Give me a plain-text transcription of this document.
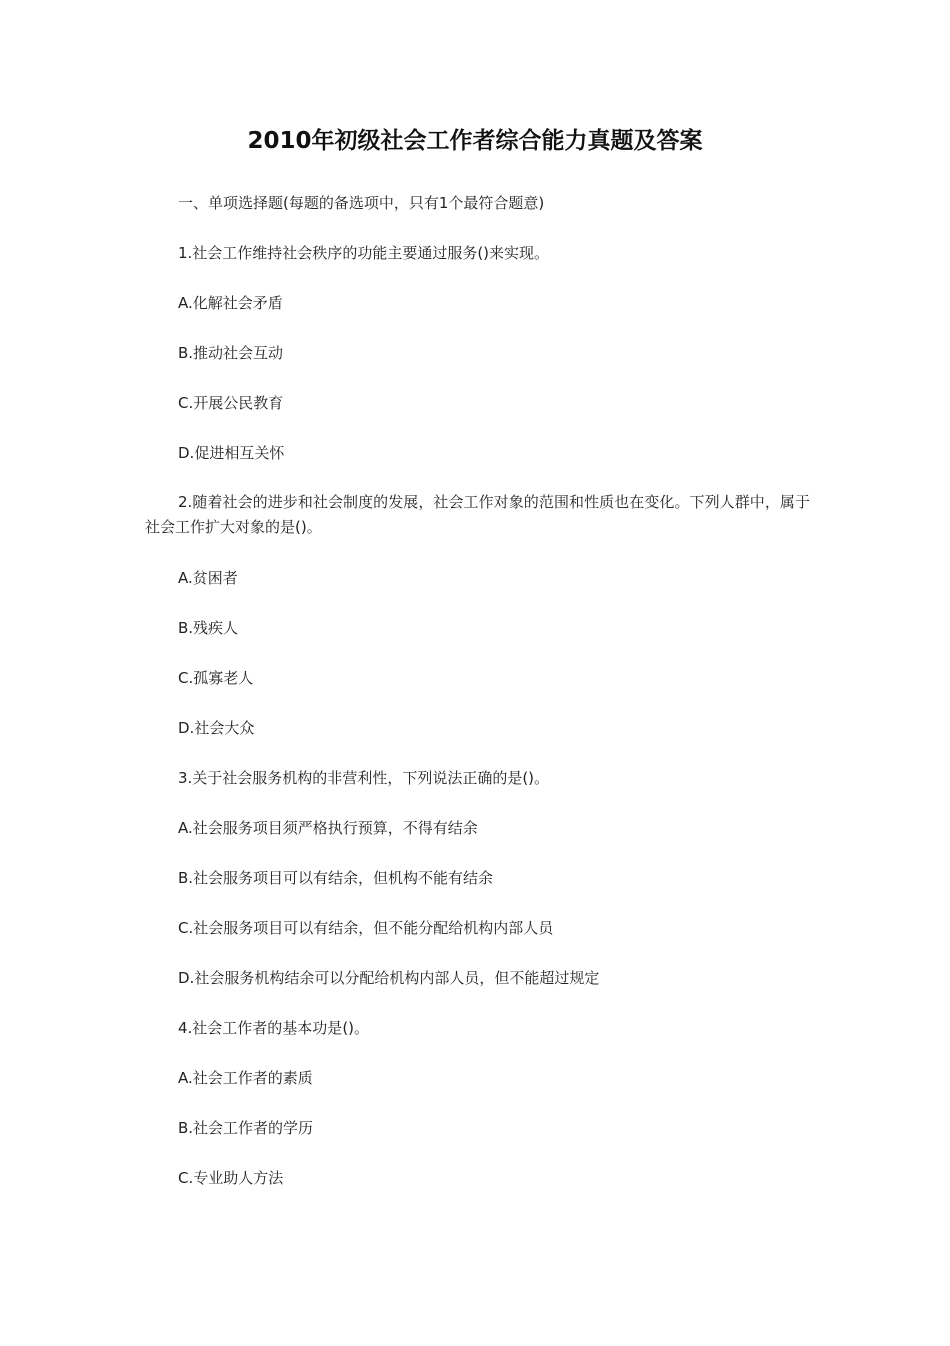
2010年初级社会工作者综合能力真题及答案
一、单项选择题(每题的备选项中，只有1个最符合题意)
1.社会工作维持社会秩序的功能主要通过服务()来实现。
A.化解社会矛盾
B.推动社会互动
C.开展公民教育
D.促进相互关怀
2.随着社会的进步和社会制度的发展，社会工作对象的范围和性质也在变化。下列人群中，属于社会工作扩大对象的是()。
A.贫困者
B.残疾人
C.孤寡老人
D.社会大众
3.关于社会服务机构的非营利性，下列说法正确的是()。
A.社会服务项目须严格执行预算，不得有结余
B.社会服务项目可以有结余，但机构不能有结余
C.社会服务项目可以有结余，但不能分配给机构内部人员
D.社会服务机构结余可以分配给机构内部人员，但不能超过规定
4.社会工作者的基本功是()。
A.社会工作者的素质
B.社会工作者的学历
C.专业助人方法
